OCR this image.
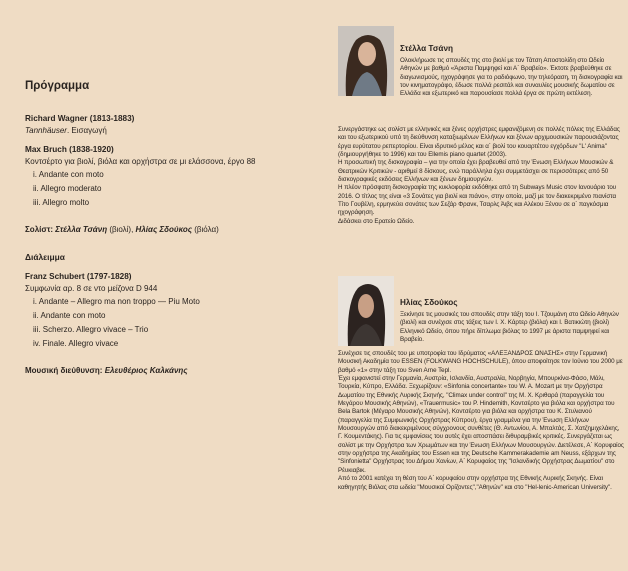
Πρόγραμμα

Richard Wagner (1813-1883)

Tannhäuser. Εισαγωγή

Max Bruch (1838-1920)

Κοντσέρτο για βιολί, βιόλα και ορχήστρα σε μι ελάσσονα, έργο 88

i. Andante con moto

ii. Allegro moderato

iii. Allegro molto

Σολίστ: Στέλλα Τσάνη (βιολί), Ηλίας Σδούκος (βιόλα)

Διάλειμμα

Franz Schubert (1797-1828)

Συμφωνία αρ. 8 σε ντο μείζονα D 944

i. Andante – Allegro ma non troppo — Piu Moto

ii. Andante con moto

iii. Scherzo. Allegro vivace – Trio

iv. Finale. Allegro vivace

Μουσική διεύθυνση: Ελευθέριος Καλκάνης

Στέλλα Τσάνη

Ολοκλήρωσε τις σπουδές της στο βιολί με τον Τάτση Αποστολίδη στο Ωδείο Αθηνών με βαθμό «Άριστα Παμψηφεί και Α΄ Βραβείο». Έκτοτε βραβεύθηκε σε διαγωνισμούς, ηχογράφησε για το ραδιόφωνο, την τηλεόραση, τη δισκογραφία και τον κινηματογράφο, έδωσε πολλά ρεσιτάλ και συναυλίες μουσικής δωματίου σε Ελλάδα και εξωτερικό και παρουσίασε πολλά έργα σε πρώτη εκτέλεση.

Συνεργάστηκε ως σολίστ με ελληνικές και ξένες ορχήστρες εμφανιζόμενη σε πολλές πόλεις της Ελλάδας και του εξωτερικού υπό τη διεύθυνση καταξιωμένων Ελλήνων και ξένων αρχιμουσικών παρουσιάζοντας έργα ευρύτατου ρεπερτορίου. Είναι ιδρυτικό μέλος και α΄ βιολί του κουαρτέτου εγχόρδων "L' Anima" (δημιουργήθηκε το 1996) και του Ellemis piano quartet (2003).

Η προσωπική της δισκογραφία – για την οποία έχει βραβευθεί από την Ένωση Ελλήνων Μουσικών & Θεατρικών Κριτικών - αριθμεί 8 δίσκους, ενώ παράλληλα έχει συμμετάσχει σε περισσότερες από 50 δισκογραφικές εκδόσεις Ελλήνων και ξένων δημιουργών.

Η πλέον πρόσφατη δισκογραφία της κυκλοφορία εκδόθηκε από τη Subways Music στον Ιανουάριο του 2016. Ο τίτλος της είναι «3 Σονάτες για βιολί και πιάνο», στην οποία, μαζί με τον διακεκριμένο πιανίστα Τίτο Γουβέλη, ερμηνεύει σονάτες των Σεζάρ Φρανκ, Τσαρλς Άιβς και Αλέκου Ξένου σε α΄ παγκόσμια ηχογράφηση.

Διδάσκει στο Ερατείο Ωδείο.

Ηλίας Σδούκος

Ξεκίνησε τις μουσικές του σπουδές στην τάξη του Ι. Τζουμάνη στο Ωδείο Αθηνών (βιολί) και συνέχισε στις τάξεις των Ι. Χ. Κάρτερ (βιόλα) και Ι. Βατικιώτη (βιολί) Ελληνικό Ωδείο, όπου πήρε δίπλωμα βιόλας το 1997 με άριστα παμψηφεί και Βραβείο.

Συνέχισε τις σπουδές του με υποτροφία του Ιδρύματος «ΑΛΕΞΑΝΔΡΟΣ ΩΝΑΣΗΣ» στην Γερμανική Μουσική Ακαδημία του ESSEN (FOLKWANG HOCHSCHULE), όπου αποφοίτησε τον Ιούνιο του 2000 με βαθμό «1» στην τάξη του Sven Arne Tepl.

Έχει εμφανιστεί στην Γερμανία, Αυστρία, Ισλανδία, Αυστραλία, Νορβηγία, Μπουρκίνα-Φάσο, Μάλι, Τουρκία, Κύπρο, Ελλάδα. Ξεχωρίζουν: «Sinfonia concertante» του W. A. Mozart με την Ορχήστρα Δωματίου της Εθνικής Λυρικής Σκηνής, "Climax under control" της Μ. Χ. Κριθαρά (παραγγελία του Μεγάρου Μουσικής Αθηνών), «Trauermusic» του P. Hindemith, Κοντσέρτο για βιόλα και ορχήστρα του Bela Bartok (Μέγαρο Μουσικής Αθηνών), Κοντσέρτο για βιόλα και ορχήστρα του Κ. Στυλιανού (παραγγελία της Συμφωνικής Ορχήστρας Κύπρου), έργα γραμμένα για την Ένωση Ελλήνων Μουσουργών από διακεκριμένους σύγχρονους συνθέτες (Θ. Αντωνίου, Α. Μπαλτάς, Σ. Χατζημιχελάκης, Γ. Κουμεντάκης). Για τις εμφανίσεις του αυτές έχει αποσπάσει διθυραμβικές κριτικές. Συνεργάζεται ως σολίστ με την Ορχήστρα των Χρωμάτων και την Ένωση Ελλήνων Μουσουργών. Διετέλεσε, Α΄ Κορυφαίος στην ορχήστρα της Ακαδημίας του Essen και της Deutsche Kammerakademie am Neuss, εξάρχων της "Sinfonietta" Ορχήστρας του Δήμου Χανίων, Α΄ Κορυφαίος της "Ισλανδικής Ορχήστρας Δωματίου" στο Ρέυκιαβικ.

Από το 2001 κατέχει τη θέση του Α΄ κορυφαίου στην ορχήστρα της Εθνικής Λυρικής Σκηνής. Είναι καθηγητής Βιόλας στα ωδεία "Μουσικοί Ορίζοντες","Αθηνών" και στο "Hel-lenic-American University".
